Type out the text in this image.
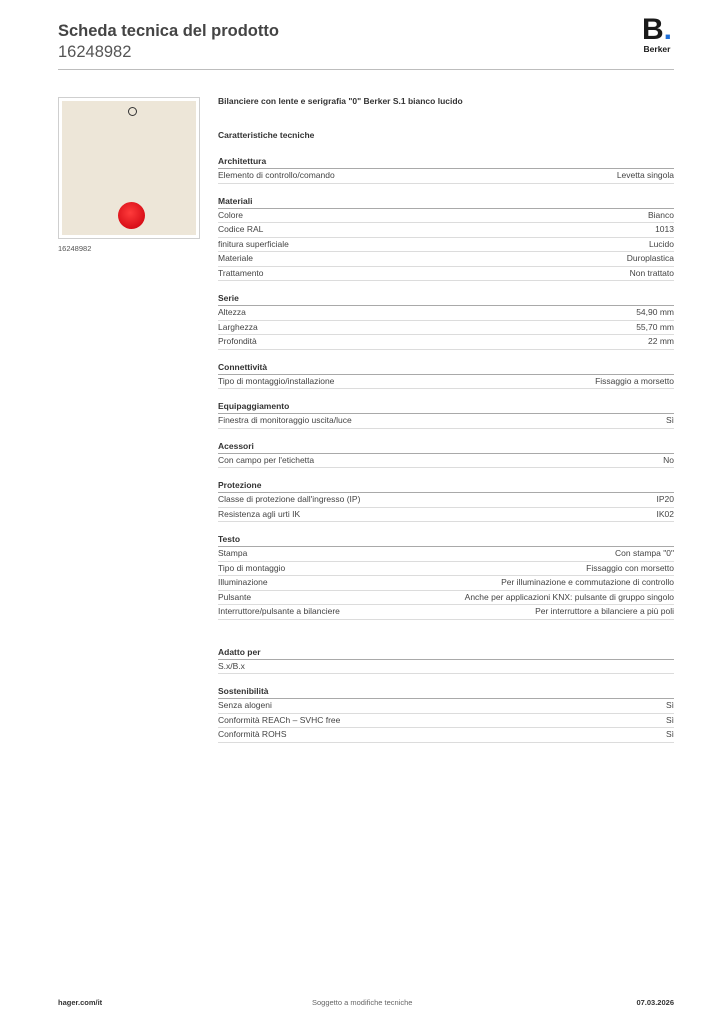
Scheda tecnica del prodotto
16248982
B.
Berker
16248982
Bilanciere con lente e serigrafia "0" Berker S.1 bianco lucido
Caratteristiche tecniche
Architettura
Elemento di controllo/comando	Levetta singola
Materiali
Colore	Bianco
Codice RAL	1013
finitura superficiale	Lucido
Materiale	Duroplastica
Trattamento	Non trattato
Serie
Altezza	54,90 mm
Larghezza	55,70 mm
Profondità	22 mm
Connettività
Tipo di montaggio/installazione	Fissaggio a morsetto
Equipaggiamento
Finestra di monitoraggio uscita/luce	Sì
Acessori
Con campo per l'etichetta	No
Protezione
Classe di protezione dall'ingresso (IP)	IP20
Resistenza agli urti IK	IK02
Testo
Stampa	Con stampa "0"
Tipo di montaggio	Fissaggio con morsetto
Illuminazione	Per illuminazione e commutazione di controllo
Pulsante	Anche per applicazioni KNX: pulsante di gruppo singolo
Interruttore/pulsante a bilanciere	Per interruttore a bilanciere a più poli
Adatto per
S.x/B.x
Sostenibilità
Senza alogeni	Sì
Conformità REACh – SVHC free	Sì
Conformità ROHS	Sì
hager.com/it	Soggetto a modifiche tecniche	07.03.2026
